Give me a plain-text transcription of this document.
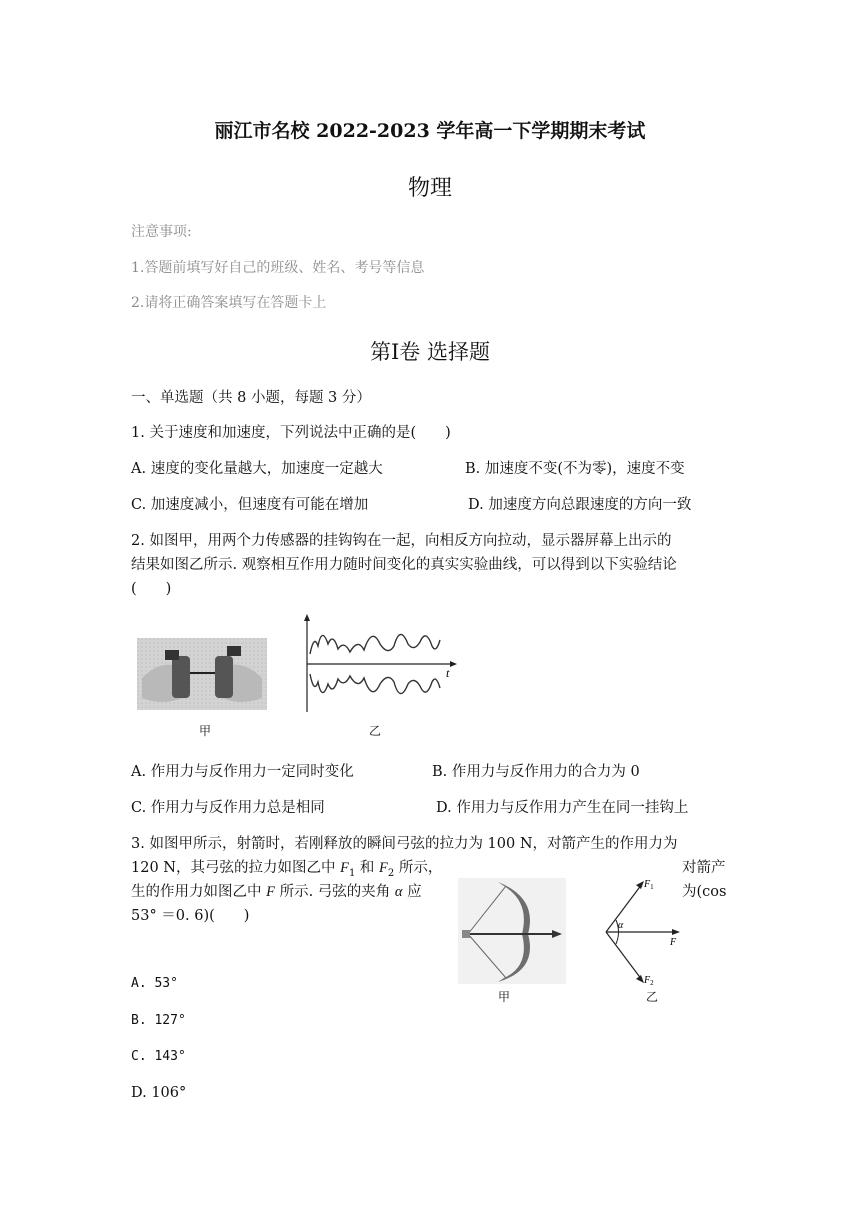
丽江市名校 2022-2023 学年高一下学期期末考试
物理
注意事项:
1.答题前填写好自己的班级、姓名、考号等信息
2.请将正确答案填写在答题卡上
第Ⅰ卷 选择题
一、单选题（共 8 小题，每题 3 分）
1. 关于速度和加速度，下列说法中正确的是(　　)
A. 速度的变化量越大，加速度一定越大	B. 加速度不变(不为零)，速度不变
C. 加速度减小，但速度有可能在增加	D. 加速度方向总跟速度的方向一致
2. 如图甲，用两个力传感器的挂钩钩在一起，向相反方向拉动，显示器屏幕上出示的
结果如图乙所示. 观察相互作用力随时间变化的真实实验曲线，可以得到以下实验结论
(　　)
甲
t
乙
A. 作用力与反作用力一定同时变化	B. 作用力与反作用力的合力为 0
C. 作用力与反作用力总是相同	D. 作用力与反作用力产生在同一挂钩上
3. 如图甲所示，射箭时，若刚释放的瞬间弓弦的拉力为 100 N，对箭产生的作用力为
120 N，其弓弦的拉力如图乙中 $F_1$ 和 $F_2$ 所示，	对箭产
生的作用力如图乙中 F 所示. 弓弦的夹角 α 应	为(cos
53° ＝0. 6)(　　)
甲
$F_1$
$F_2$
α
F
乙
A. 53°
B. 127°
C. 143°
D. 106°
